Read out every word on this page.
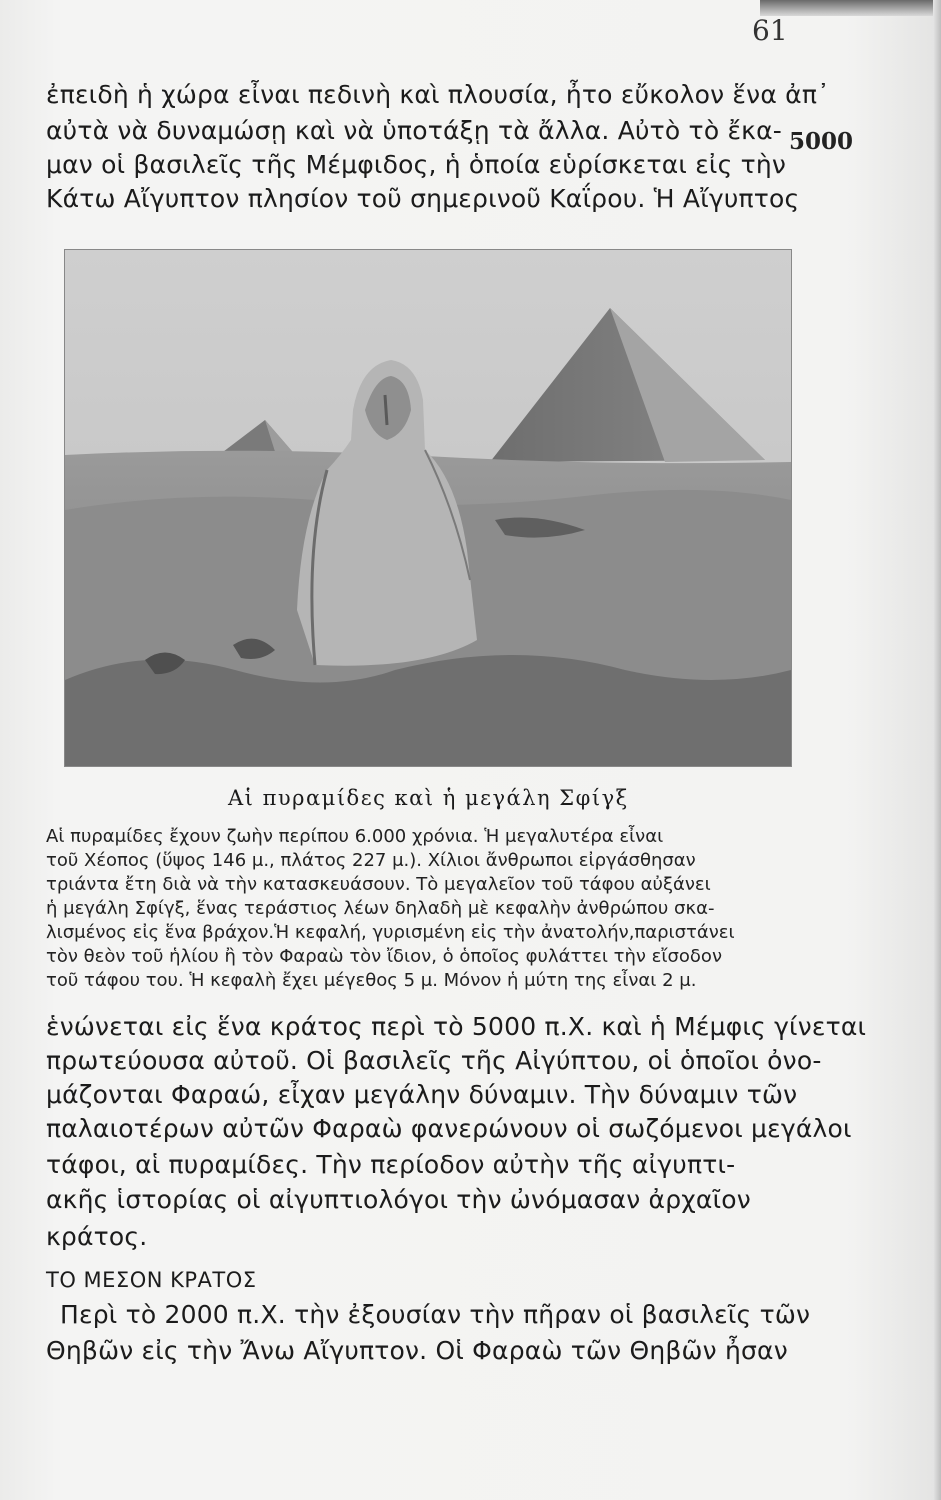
61
5000
ἐπειδὴ ἡ χώρα εἶναι πεδινὴ καὶ πλουσία, ἦτο εὔκολον ἕνα ἀπ᾽
αὐτὰ νὰ δυναμώσῃ καὶ νὰ ὑποτάξῃ τὰ ἄλλα. Αὐτὸ τὸ ἔκα-
μαν οἱ βασιλεῖς τῆς Μέμφιδος, ἡ ὁποία εὑρίσκεται εἰς τὴν
Κάτω Αἴγυπτον πλησίον τοῦ σημερινοῦ Καΐρου. Ἡ Αἴγυπτος
Αἱ πυραμίδες καὶ ἡ μεγάλη Σφίγξ
Αἱ πυραμίδες ἔχουν ζωὴν περίπου 6.000 χρόνια. Ἡ μεγαλυτέρα εἶναι
τοῦ Χέοπος (ὕψος 146 μ., πλάτος 227 μ.). Χίλιοι ἄνθρωποι εἰργάσθησαν
τριάντα ἔτη διὰ νὰ τὴν κατασκευάσουν. Τὸ μεγαλεῖον τοῦ τάφου αὐξάνει
ἡ μεγάλη Σφίγξ, ἕνας τεράστιος λέων δηλαδὴ μὲ κεφαλὴν ἀνθρώπου σκα-
λισμένος εἰς ἕνα βράχον.Ἡ κεφαλή, γυρισμένη εἰς τὴν ἀνατολήν,παριστάνει
τὸν θεὸν τοῦ ἡλίου ἢ τὸν Φαραὼ τὸν ἴδιον, ὁ ὁποῖος φυλάττει τὴν εἴσοδον
τοῦ τάφου του. Ἡ κεφαλὴ ἔχει μέγεθος 5 μ. Μόνον ἡ μύτη της εἶναι 2 μ.
ἑνώνεται εἰς ἕνα κράτος περὶ τὸ 5000 π.Χ. καὶ ἡ Μέμφις γίνεται
πρωτεύουσα αὐτοῦ. Οἱ βασιλεῖς τῆς Αἰγύπτου, οἱ ὁποῖοι ὀνο-
μάζονται Φαραώ, εἶχαν μεγάλην δύναμιν. Τὴν δύναμιν τῶν
παλαιοτέρων αὐτῶν Φαραὼ φανερώνουν οἱ σωζόμενοι μεγάλοι
τάφοι, αἱ πυραμίδες. Τὴν περίοδον αὐτὴν τῆς αἰγυπτι-
ακῆς ἱστορίας οἱ αἰγυπτιολόγοι τὴν ὠνόμασαν ἀρχαῖον
κράτος.
ΤΟ ΜΕΣΟΝ ΚΡΑΤΟΣ
Περὶ τὸ 2000 π.Χ. τὴν ἐξουσίαν τὴν πῆραν οἱ βασιλεῖς τῶν
Θηβῶν εἰς τὴν Ἄνω Αἴγυπτον. Οἱ Φαραὼ τῶν Θηβῶν ἦσαν
